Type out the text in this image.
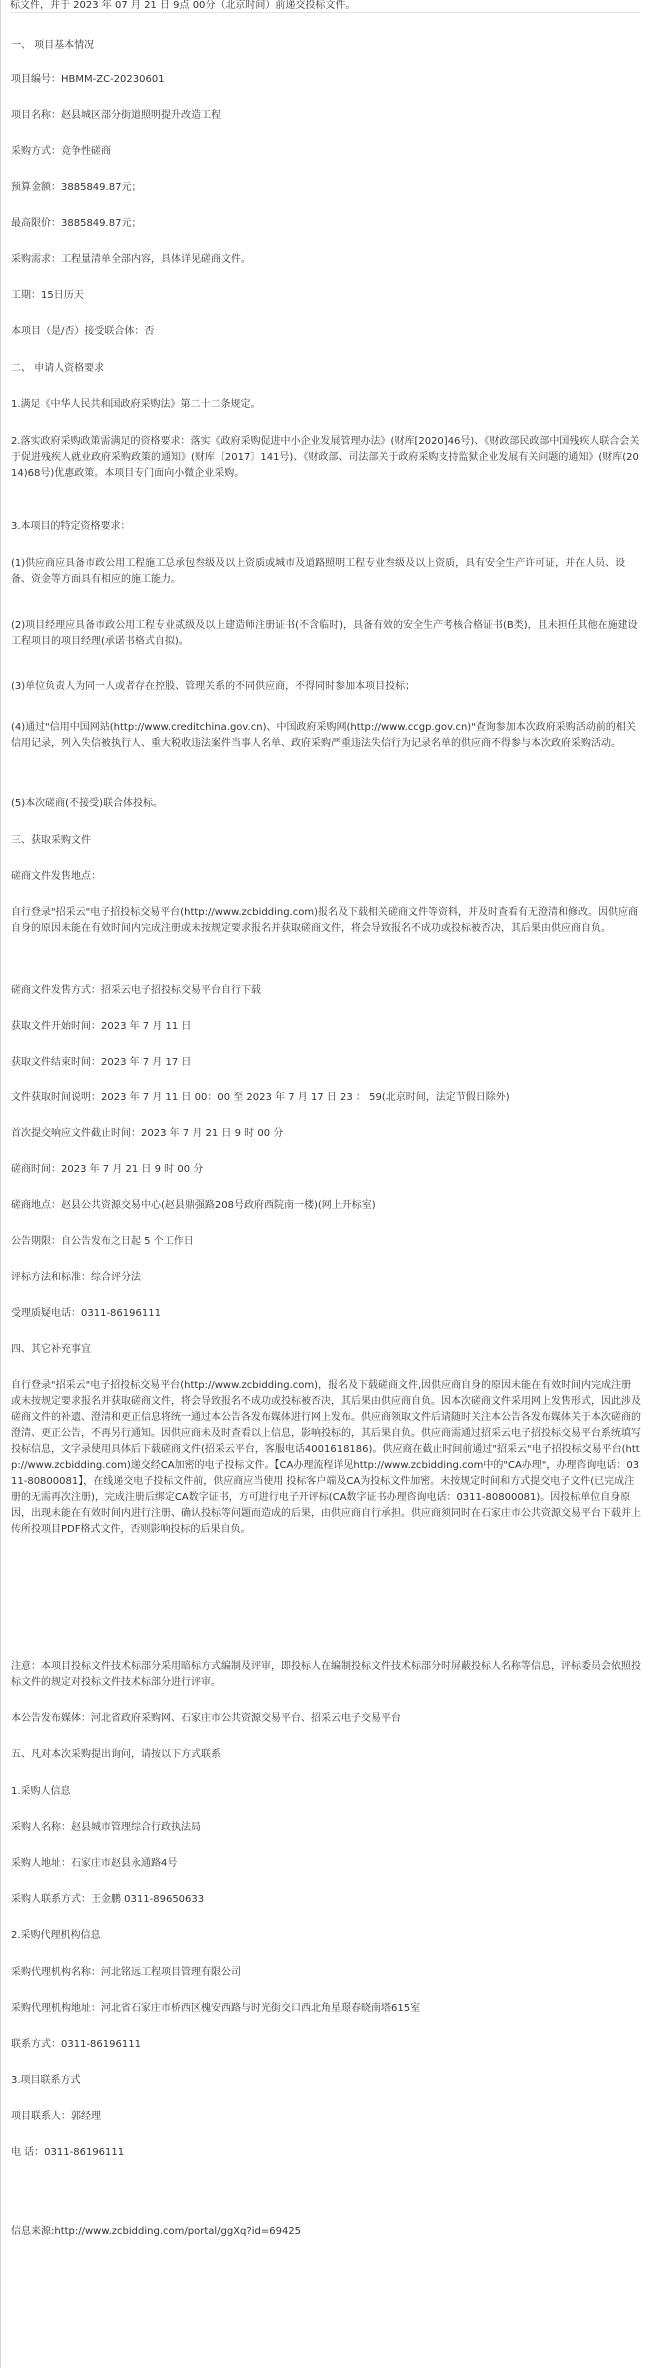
标文件，并于 2023 年 07 月 21 日 9点 00分（北京时间）前递交投标文件。

一、 项目基本情况

项目编号：HBMM-ZC-20230601

项目名称：赵县城区部分街道照明提升改造工程

采购方式：竞争性磋商

预算金额：3885849.87元；

最高限价：3885849.87元；

采购需求：工程量清单全部内容，具体详见磋商文件。

工期：15日历天

本项目（是/否）接受联合体：否

二、 申请人资格要求

1.满足《中华人民共和国政府采购法》第二十二条规定。

2.落实政府采购政策需满足的资格要求：落实《政府采购促进中小企业发展管理办法》(财库[2020]46号)、《财政部民政部中国残疾人联合会关于促进残疾人就业政府采购政策的通知》(财库〔2017〕141号)、《财政部、司法部关于政府采购支持监狱企业发展有关问题的通知》(财库(2014)68号)优惠政策。本项目专门面向小微企业采购。

3.本项目的特定资格要求：

(1)供应商应具备市政公用工程施工总承包叁级及以上资质或城市及道路照明工程专业叁级及以上资质，具有安全生产许可证，并在人员、设备、资金等方面具有相应的施工能力。

(2)项目经理应具备市政公用工程专业贰级及以上建造师注册证书(不含临时)，具备有效的安全生产考核合格证书(B类)，且未担任其他在施建设工程项目的项目经理(承诺书格式自拟)。

(3)单位负责人为同一人或者存在控股、管理关系的不同供应商，不得同时参加本项目投标；

(4)通过"信用中国网站(http://www.creditchina.gov.cn)、中国政府采购网(http://www.ccgp.gov.cn)"查询参加本次政府采购活动前的相关信用记录，列入失信被执行人、重大税收违法案件当事人名单、政府采购严重违法失信行为记录名单的供应商不得参与本次政府采购活动。

(5)本次磋商(不接受)联合体投标。

三、获取采购文件

磋商文件发售地点：

自行登录"招采云"电子招投标交易平台(http://www.zcbidding.com)报名及下载相关磋商文件等资料，并及时查看有无澄清和修改。因供应商自身的原因未能在有效时间内完成注册或未按规定要求报名并获取磋商文件，将会导致报名不成功或投标被否决，其后果由供应商自负。

磋商文件发售方式：招采云电子招投标交易平台自行下载

获取文件开始时间：2023 年 7 月 11 日

获取文件结束时间：2023 年 7 月 17 日

文件获取时间说明：2023 年 7 月 11 日 00：00 至 2023 年 7 月 17 日 23 ： 59(北京时间，法定节假日除外)

首次提交响应文件截止时间：2023 年 7 月 21 日 9 时 00 分

磋商时间：2023 年 7 月 21 日 9 时 00 分

磋商地点：赵县公共资源交易中心(赵县鼎强路208号政府西院南一楼)(网上开标室)

公告期限：自公告发布之日起 5 个工作日

评标方法和标准：综合评分法

受理质疑电话：0311-86196111

四、其它补充事宜

自行登录"招采云"电子招投标交易平台(http://www.zcbidding.com)，报名及下载磋商文件,因供应商自身的原因未能在有效时间内完成注册或未按规定要求报名并获取磋商文件，将会导致报名不成功或投标被否决，其后果由供应商自负。因本次磋商文件采用网上发售形式，因此涉及磋商文件的补遗、澄清和更正信息将统一通过本公告各发布媒体进行网上发布。供应商领取文件后请随时关注本公告各发布媒体关于本次磋商的澄清、更正公告，不再另行通知。因供应商未及时查看以上信息，影响投标的，其后果自负。供应商需通过招采云电子招投标交易平台系统填写投标信息，文字录使用具体后下载磋商文件(招采云平台，客服电话4001618186)。供应商在截止时间前通过"招采云"电子招投标交易平台(http://www.zcbidding.com)递交经CA加密的电子投标文件。【CA办理流程详见http://www.zcbidding.com中的"CA办理"，办理咨询电话：0311-80800081】，在线递交电子投标文件前，供应商应当使用 投标客户端及CA为投标文件加密。未按规定时间和方式提交电子文件(已完成注册的无需再次注册)，完成注册后绑定CA数字证书，方可进行电子开评标(CA数字证书办理咨询电话：0311-80800081)。因投标单位自身原因，出现未能在有效时间内进行注册、确认投标等问题而造成的后果，由供应商自行承担。供应商须同时在石家庄市公共资源交易平台下载并上传所投项目PDF格式文件，否则影响投标的后果自负。

注意：本项目投标文件技术标部分采用暗标方式编制及评审，即投标人在编制投标文件技术标部分时屏蔽投标人名称等信息，评标委员会依照投标文件的规定对投标文件技术标部分进行评审。

本公告发布媒体：河北省政府采购网、石家庄市公共资源交易平台、招采云电子交易平台

五、凡对本次采购提出询问，请按以下方式联系

1.采购人信息

采购人名称：赵县城市管理综合行政执法局

采购人地址：石家庄市赵县永通路4号

采购人联系方式：王金鹏 0311-89650633

2.采购代理机构信息

采购代理机构名称：河北铭远工程项目管理有限公司

采购代理机构地址：河北省石家庄市桥西区槐安西路与时光街交口西北角星璟春晓南塔615室

联系方式：0311-86196111

3.项目联系方式

项目联系人：郭经理

电 话：0311-86196111

信息来源:http://www.zcbidding.com/portal/ggXq?id=69425
